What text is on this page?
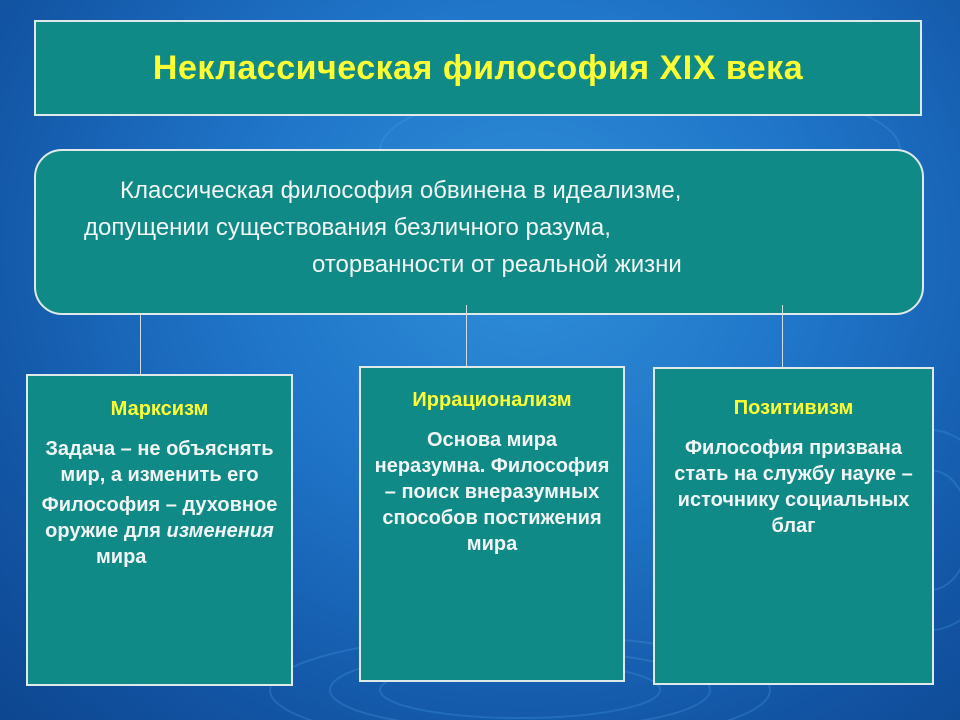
Неклассическая философия XIX века
Классическая философия обвинена в идеализме,
допущении существования безличного разума,
оторванности от реальной жизни
Марксизм
Задача – не объяснять мир, а изменить его
Философия – духовное оружие для изменения
мира
Иррационализм
Основа мира неразумна. Философия – поиск внеразумных способов постижения мира
Позитивизм
Философия призвана стать на службу науке – источнику социальных благ
